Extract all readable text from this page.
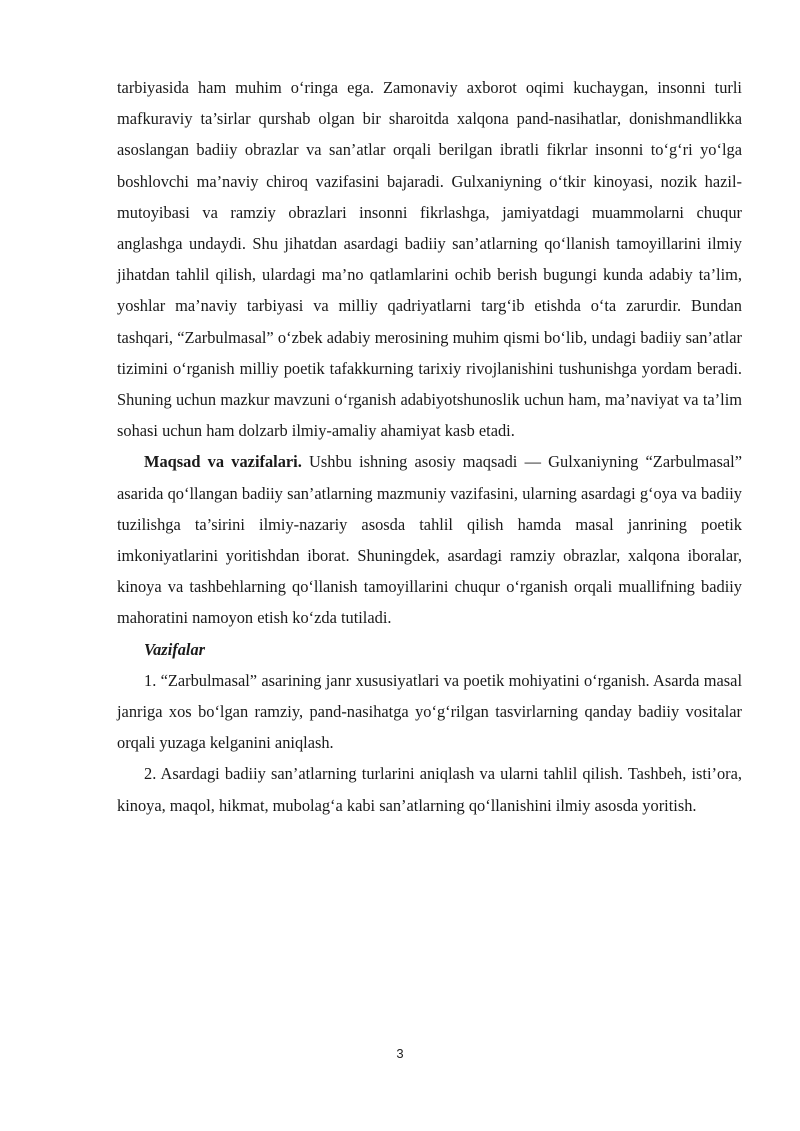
tarbiyasida ham muhim o‘ringa ega. Zamonaviy axborot oqimi kuchaygan, insonni turli mafkuraviy ta’sirlar qurshab olgan bir sharoitda xalqona pand-nasihatlar, donishmandlikka asoslangan badiiy obrazlar va san’atlar orqali berilgan ibratli fikrlar insonni to‘g‘ri yo‘lga boshlovchi ma’naviy chiroq vazifasini bajaradi. Gulxaniyning o‘tkir kinoyasi, nozik hazil-mutoyibasi va ramziy obrazlari insonni fikrlashga, jamiyatdagi muammolarni chuqur anglashga undaydi. Shu jihatdan asardagi badiiy san’atlarning qo‘llanish tamoyillarini ilmiy jihatdan tahlil qilish, ulardagi ma’no qatlamlarini ochib berish bugungi kunda adabiy ta’lim, yoshlar ma’naviy tarbiyasi va milliy qadriyatlarni targ‘ib etishda o‘ta zarurdir. Bundan tashqari, “Zarbulmasal” o‘zbek adabiy merosining muhim qismi bo‘lib, undagi badiiy san’atlar tizimini o‘rganish milliy poetik tafakkurning tarixiy rivojlanishini tushunishga yordam beradi. Shuning uchun mazkur mavzuni o‘rganish adabiyotshunoslik uchun ham, ma’naviyat va ta’lim sohasi uchun ham dolzarb ilmiy-amaliy ahamiyat kasb etadi.

Maqsad va vazifalari. Ushbu ishning asosiy maqsadi — Gulxaniyning “Zarbulmasal” asarida qo‘llangan badiiy san’atlarning mazmuniy vazifasini, ularning asardagi g‘oya va badiiy tuzilishga ta’sirini ilmiy-nazariy asosda tahlil qilish hamda masal janrining poetik imkoniyatlarini yoritishdan iborat. Shuningdek, asardagi ramziy obrazlar, xalqona iboralar, kinoya va tashbehlarning qo‘llanish tamoyillarini chuqur o‘rganish orqali muallifning badiiy mahoratini namoyon etish ko‘zda tutiladi.

Vazifalar

1. “Zarbulmasal” asarining janr xususiyatlari va poetik mohiyatini o‘rganish. Asarda masal janriga xos bo‘lgan ramziy, pand-nasihatga yo‘g‘rilgan tasvirlarning qanday badiiy vositalar orqali yuzaga kelganini aniqlash.

2. Asardagi badiiy san’atlarning turlarini aniqlash va ularni tahlil qilish. Tashbeh, isti’ora, kinoya, maqol, hikmat, mubolag‘a kabi san’atlarning qo‘llanishini ilmiy asosda yoritish.

3
